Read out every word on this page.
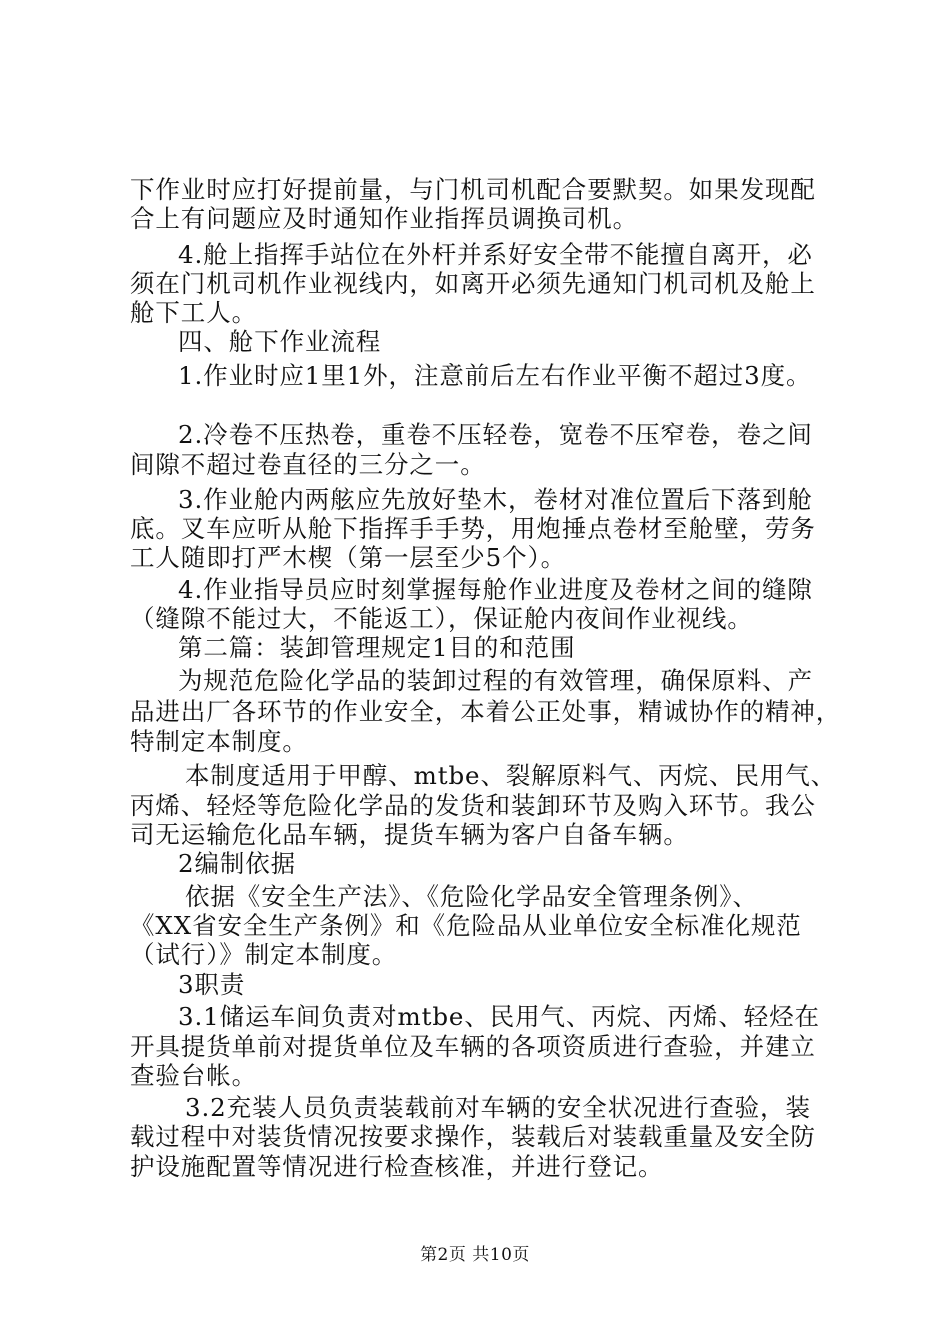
下作业时应打好提前量，与门机司机配合要默契。如果发现配
合上有问题应及时通知作业指挥员调换司机。
4.舱上指挥手站位在外杆并系好安全带不能擅自离开，必
须在门机司机作业视线内，如离开必须先通知门机司机及舱上
舱下工人。
四、舱下作业流程
1.作业时应1里1外，注意前后左右作业平衡不超过3度。
2.冷卷不压热卷，重卷不压轻卷，宽卷不压窄卷，卷之间
间隙不超过卷直径的三分之一。
3.作业舱内两舷应先放好垫木，卷材对准位置后下落到舱
底。叉车应听从舱下指挥手手势，用炮捶点卷材至舱壁，劳务
工人随即打严木楔（第一层至少5个）。
4.作业指导员应时刻掌握每舱作业进度及卷材之间的缝隙
（缝隙不能过大，不能返工），保证舱内夜间作业视线。
第二篇：装卸管理规定1目的和范围
为规范危险化学品的装卸过程的有效管理，确保原料、产
品进出厂各环节的作业安全，本着公正处事，精诚协作的精神，
特制定本制度。
本制度适用于甲醇、mtbe、裂解原料气、丙烷、民用气、
丙烯、轻烃等危险化学品的发货和装卸环节及购入环节。我公
司无运输危化品车辆，提货车辆为客户自备车辆。
2编制依据
依据《安全生产法》、《危险化学品安全管理条例》、
《XX省安全生产条例》和《危险品从业单位安全标准化规范
（试行）》制定本制度。
3职责
3.1储运车间负责对mtbe、民用气、丙烷、丙烯、轻烃在
开具提货单前对提货单位及车辆的各项资质进行查验，并建立
查验台帐。
3.2充装人员负责装载前对车辆的安全状况进行查验，装
载过程中对装货情况按要求操作，装载后对装载重量及安全防
护设施配置等情况进行检查核准，并进行登记。
第2页 共10页
